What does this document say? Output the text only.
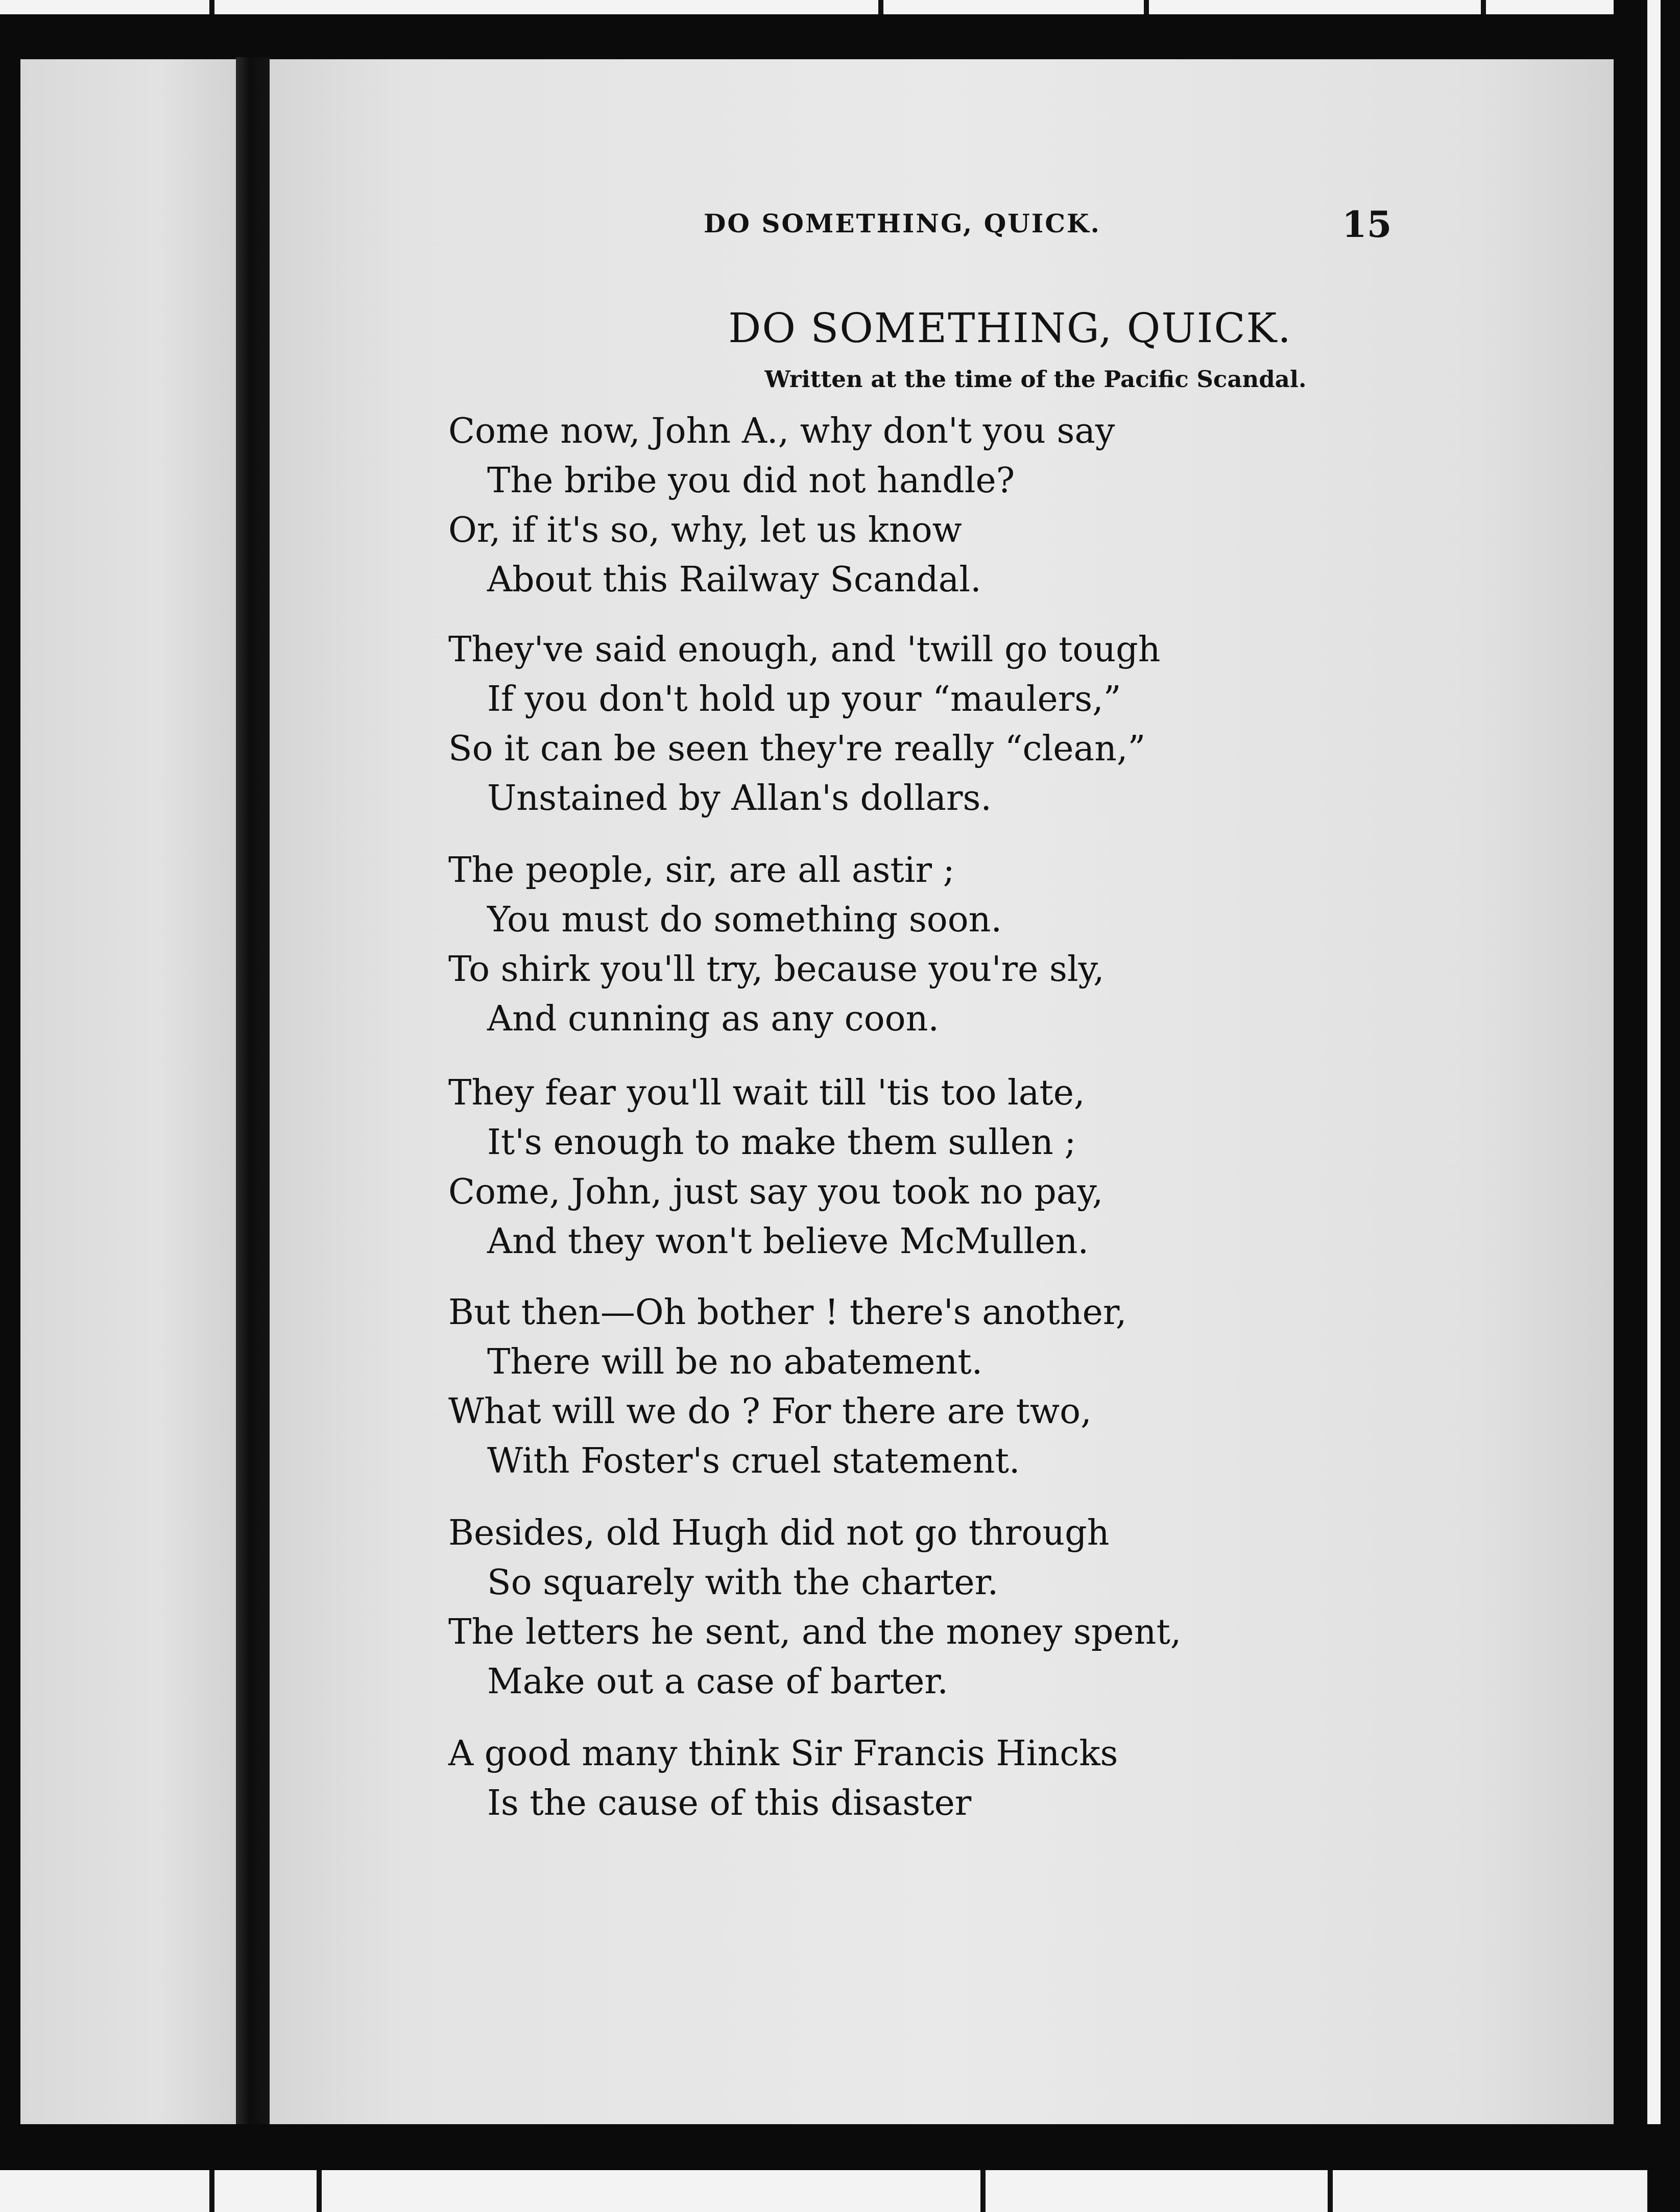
DO SOMETHING, QUICK.	15
DO SOMETHING, QUICK.
Written at the time of the Pacific Scandal.
Come now, John A., why don't you say
The bribe you did not handle?
Or, if it's so, why, let us know
About this Railway Scandal.
They've said enough, and 'twill go tough
If you don't hold up your “maulers,”
So it can be seen they're really “clean,”
Unstained by Allan's dollars.
The people, sir, are all astir ;
You must do something soon.
To shirk you'll try, because you're sly,
And cunning as any coon.
They fear you'll wait till 'tis too late,
It's enough to make them sullen ;
Come, John, just say you took no pay,
And they won't believe McMullen.
But then—Oh bother ! there's another,
There will be no abatement.
What will we do ? For there are two,
With Foster's cruel statement.
Besides, old Hugh did not go through
So squarely with the charter.
The letters he sent, and the money spent,
Make out a case of barter.
A good many think Sir Francis Hincks
Is the cause of this disaster
